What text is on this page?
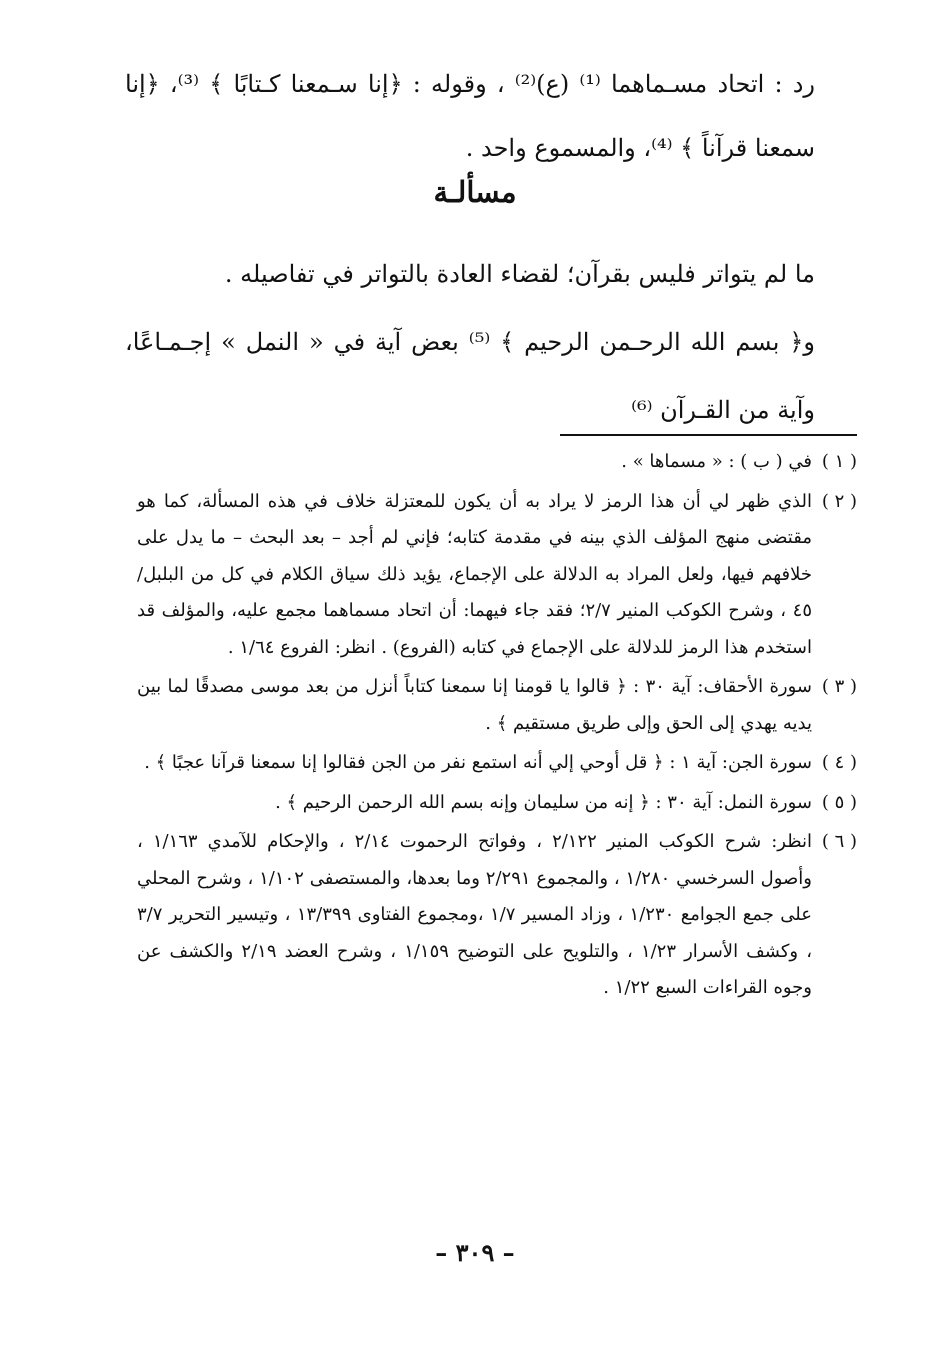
رد : اتحاد مسـماهما ⁽¹⁾ (ع)⁽²⁾ ، وقوله : ﴿إنا سـمعنا كـتابًا ﴾ ⁽³⁾، ﴿إنا سمعنا قرآناً ﴾ ⁽⁴⁾، والمسموع واحد .

مسألـة

ما لم يتواتر فليس بقرآن؛ لقضاء العادة بالتواتر في تفاصيله .

و﴿ بسم الله الرحـمن الرحيم ﴾ ⁽⁵⁾ بعض آية في « النمل » إجـمـاعًا، وآية من القـرآن ⁽⁶⁾

( ١ )
في ( ب ) : « مسماها » .
( ٢ )
الذي ظهر لي أن هذا الرمز لا يراد به أن يكون للمعتزلة خلاف في هذه المسألة، كما هو مقتضى منهج المؤلف الذي بينه في مقدمة كتابه؛ فإني لم أجد – بعد البحث – ما يدل على خلافهم فيها، ولعل المراد به الدلالة على الإجماع، يؤيد ذلك سياق الكلام في كل من البلبل/٤٥ ، وشرح الكوكب المنير ٢/٧؛ فقد جاء فيهما: أن اتحاد مسماهما مجمع عليه، والمؤلف قد استخدم هذا الرمز للدلالة على الإجماع في كتابه (الفروع) . انظر: الفروع ١/٦٤ .
( ٣ )
سورة الأحقاف: آية ٣٠ : ﴿ قالوا يا قومنا إنا سمعنا كتاباً أنزل من بعد موسى مصدقًا لما بين يديه يهدي إلى الحق وإلى طريق مستقيم ﴾ .
( ٤ )
سورة الجن: آية ١ : ﴿ قل أوحي إلي أنه استمع نفر من الجن فقالوا إنا سمعنا قرآنا عجبًا ﴾ .
( ٥ )
سورة النمل: آية ٣٠ : ﴿ إنه من سليمان وإنه بسم الله الرحمن الرحيم ﴾ .
( ٦ )
انظر: شرح الكوكب المنير ٢/١٢٢ ، وفواتح الرحموت ٢/١٤ ، والإحكام للآمدي ١/١٦٣ ، وأصول السرخسي ١/٢٨٠ ، والمجموع ٢/٢٩١ وما بعدها، والمستصفى ١/١٠٢ ، وشرح المحلي على جمع الجوامع ١/٢٣٠ ، وزاد المسير ١/٧ ،ومجموع الفتاوى ١٣/٣٩٩ ، وتيسير التحرير ٣/٧ ، وكشف الأسرار ١/٢٣ ، والتلويح على التوضيح ١/١٥٩ ، وشرح العضد ٢/١٩ والكشف عن وجوه القراءات السبع ١/٢٢ .
– ٣٠٩ –
